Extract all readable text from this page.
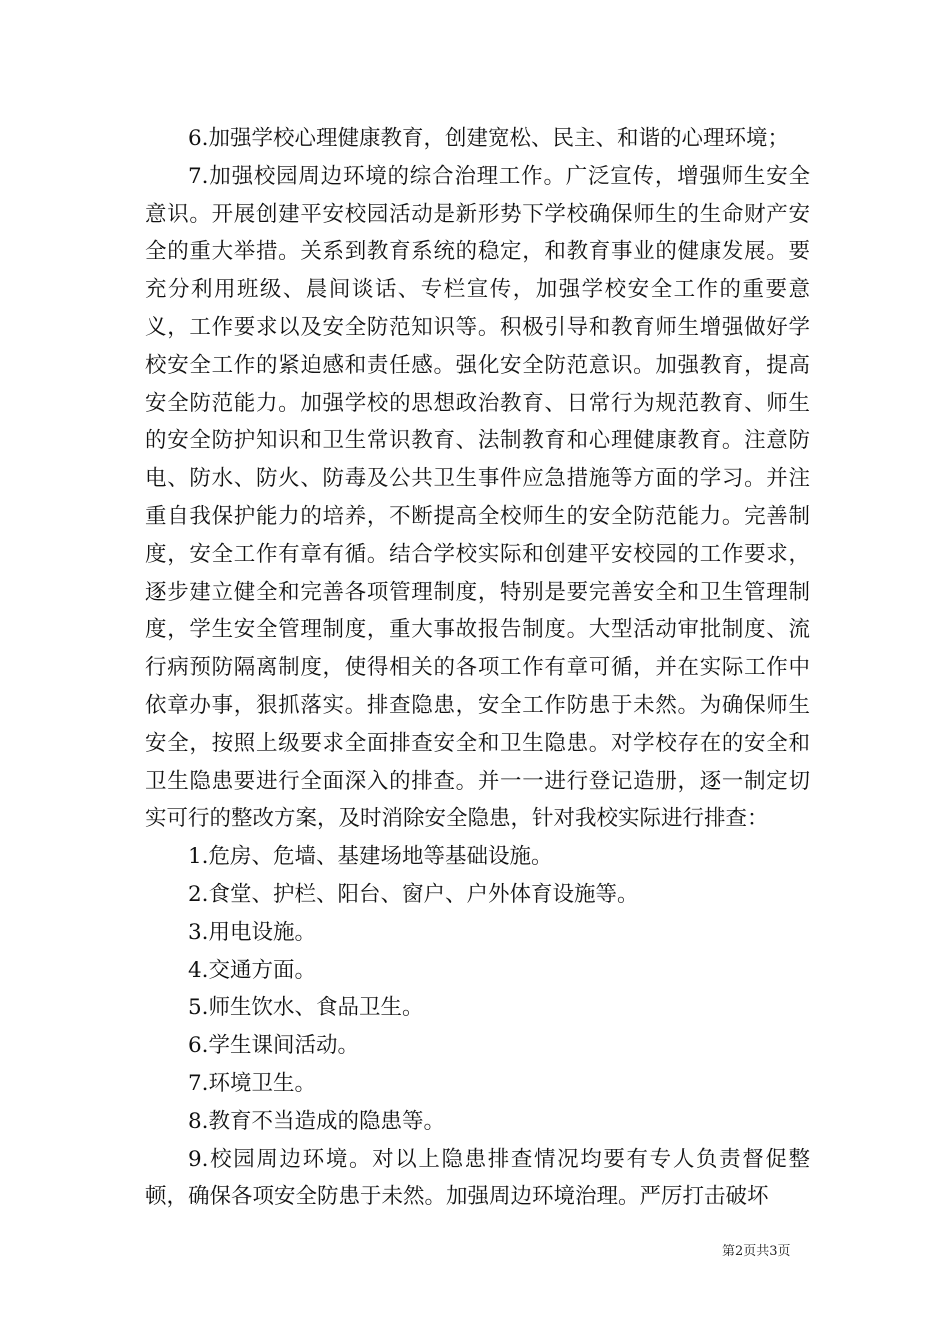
6.加强学校心理健康教育，创建宽松、民主、和谐的心理环境；

7.加强校园周边环境的综合治理工作。广泛宣传，增强师生安全意识。开展创建平安校园活动是新形势下学校确保师生的生命财产安全的重大举措。关系到教育系统的稳定，和教育事业的健康发展。要充分利用班级、晨间谈话、专栏宣传，加强学校安全工作的重要意义，工作要求以及安全防范知识等。积极引导和教育师生增强做好学校安全工作的紧迫感和责任感。强化安全防范意识。加强教育，提高安全防范能力。加强学校的思想政治教育、日常行为规范教育、师生的安全防护知识和卫生常识教育、法制教育和心理健康教育。注意防电、防水、防火、防毒及公共卫生事件应急措施等方面的学习。并注重自我保护能力的培养，不断提高全校师生的安全防范能力。完善制度，安全工作有章有循。结合学校实际和创建平安校园的工作要求，逐步建立健全和完善各项管理制度，特别是要完善安全和卫生管理制度，学生安全管理制度，重大事故报告制度。大型活动审批制度、流行病预防隔离制度，使得相关的各项工作有章可循，并在实际工作中依章办事，狠抓落实。排查隐患，安全工作防患于未然。为确保师生安全，按照上级要求全面排查安全和卫生隐患。对学校存在的安全和卫生隐患要进行全面深入的排查。并一一进行登记造册，逐一制定切实可行的整改方案，及时消除安全隐患，针对我校实际进行排查：

1.危房、危墙、基建场地等基础设施。

2.食堂、护栏、阳台、窗户、户外体育设施等。

3.用电设施。

4.交通方面。

5.师生饮水、食品卫生。

6.学生课间活动。

7.环境卫生。

8.教育不当造成的隐患等。

9.校园周边环境。对以上隐患排查情况均要有专人负责督促整顿，确保各项安全防患于未然。加强周边环境治理。严厉打击破坏

第2页共3页
